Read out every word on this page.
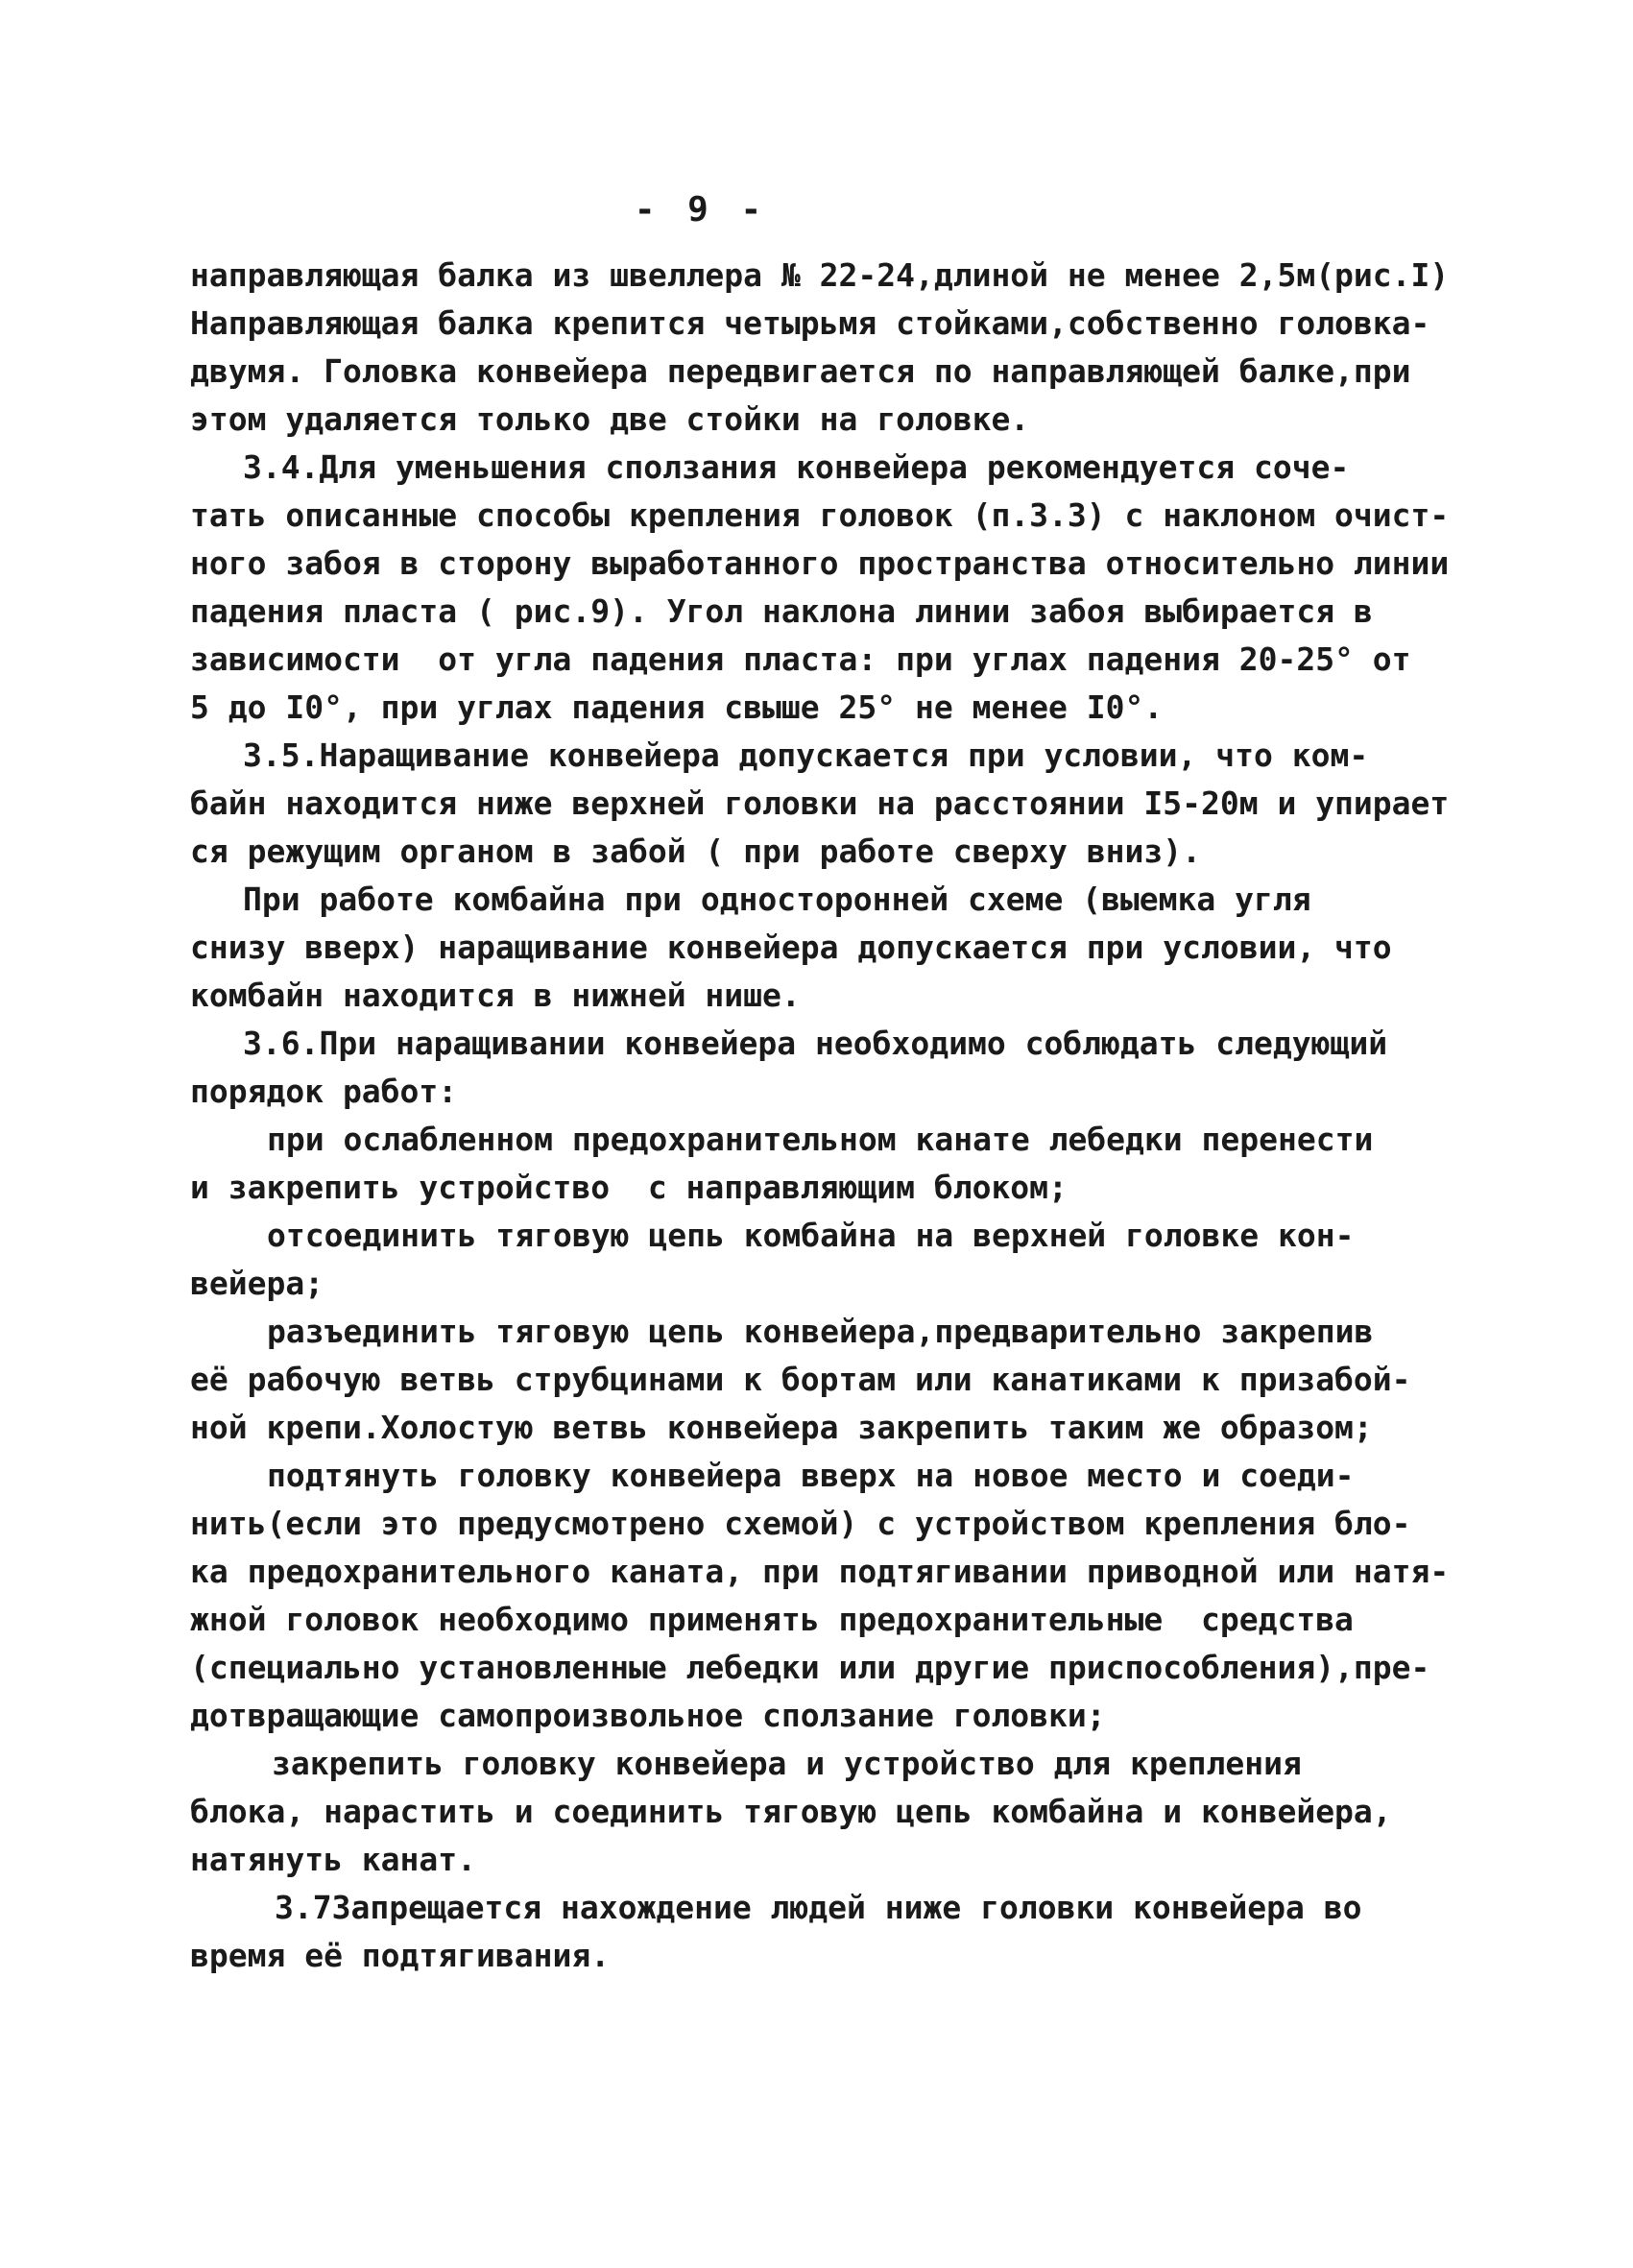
- 9 -
направляющая балка из швеллера № 22-24,длиной не менее 2,5м(рис.I)
Направляющая балка крепится четырьмя стойками,собственно головка-
двумя. Головка конвейера передвигается по направляющей балке,при
этом удаляется только две стойки на головке.
3.4.Для уменьшения сползания конвейера рекомендуется соче-
тать описанные способы крепления головок (п.3.3) с наклоном очист-
ного забоя в сторону выработанного пространства относительно линии
падения пласта ( рис.9). Угол наклона линии забоя выбирается в
зависимости  от угла падения пласта: при углах падения 20-25° от
5 до I0°, при углах падения свыше 25° не менее I0°.
3.5.Наращивание конвейера допускается при условии, что ком-
байн находится ниже верхней головки на расстоянии I5-20м и упирает
ся режущим органом в забой ( при работе сверху вниз).
При работе комбайна при односторонней схеме (выемка угля
снизу вверх) наращивание конвейера допускается при условии, что
комбайн находится в нижней нише.
3.6.При наращивании конвейера необходимо соблюдать следующий
порядок работ:
при ослабленном предохранительном канате лебедки перенести
и закрепить устройство  с направляющим блоком;
отсоединить тяговую цепь комбайна на верхней головке кон-
вейера;
разъединить тяговую цепь конвейера,предварительно закрепив
её рабочую ветвь струбцинами к бортам или канатиками к призабой-
ной крепи.Холостую ветвь конвейера закрепить таким же образом;
подтянуть головку конвейера вверх на новое место и соеди-
нить(если это предусмотрено схемой) с устройством крепления бло-
ка предохранительного каната, при подтягивании приводной или натя-
жной головок необходимо применять предохранительные  средства
(специально установленные лебедки или другие приспособления),пре-
дотвращающие самопроизвольное сползание головки;
закрепить головку конвейера и устройство для крепления
блока, нарастить и соединить тяговую цепь комбайна и конвейера,
натянуть канат.
3.7Запрещается нахождение людей ниже головки конвейера во
время её подтягивания.
